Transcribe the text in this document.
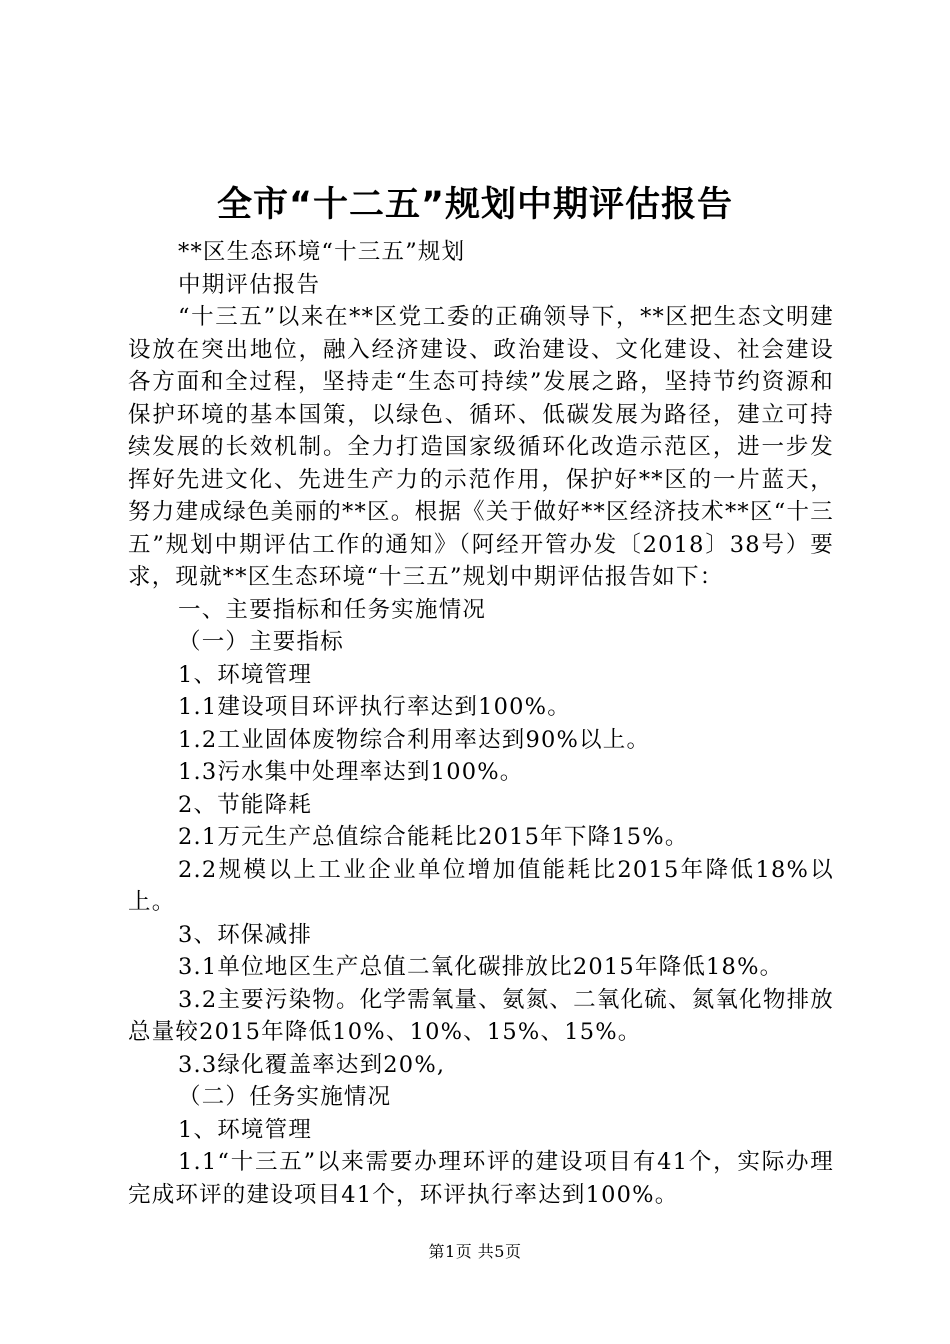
全市“十二五”规划中期评估报告

**区生态环境“十三五”规划

中期评估报告

“十三五”以来在**区党工委的正确领导下，**区把生态文明建设放在突出地位，融入经济建设、政治建设、文化建设、社会建设各方面和全过程，坚持走“生态可持续”发展之路，坚持节约资源和保护环境的基本国策，以绿色、循环、低碳发展为路径，建立可持续发展的长效机制。全力打造国家级循环化改造示范区，进一步发挥好先进文化、先进生产力的示范作用，保护好**区的一片蓝天，努力建成绿色美丽的**区。根据《关于做好**区经济技术**区“十三五”规划中期评估工作的通知》（阿经开管办发〔2018〕38号）要求，现就**区生态环境“十三五”规划中期评估报告如下：

一、主要指标和任务实施情况

（一）主要指标

1、环境管理

1.1建设项目环评执行率达到100%。

1.2工业固体废物综合利用率达到90%以上。

1.3污水集中处理率达到100%。

2、节能降耗

2.1万元生产总值综合能耗比2015年下降15%。

2.2规模以上工业企业单位增加值能耗比2015年降低18%以上。

3、环保减排

3.1单位地区生产总值二氧化碳排放比2015年降低18%。

3.2主要污染物。化学需氧量、氨氮、二氧化硫、氮氧化物排放总量较2015年降低10%、10%、15%、15%。

3.3绿化覆盖率达到20%,

（二）任务实施情况

1、环境管理

1.1“十三五”以来需要办理环评的建设项目有41个，实际办理完成环评的建设项目41个，环评执行率达到100%。

第1页 共5页
